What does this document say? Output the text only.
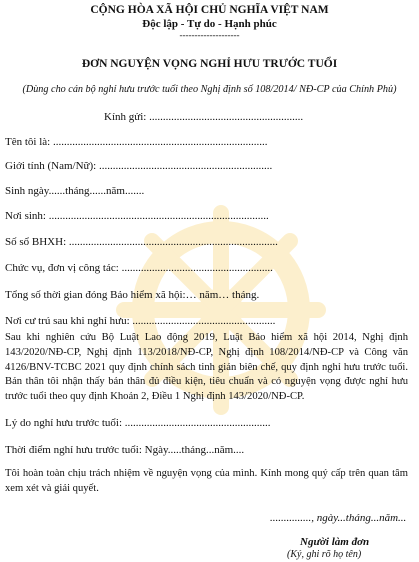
CỘNG HÒA XÃ HỘI CHỦ NGHĨA VIỆT NAM
Độc lập - Tự do - Hạnh phúc
--------------------
ĐƠN NGUYỆN VỌNG NGHỈ HƯU TRƯỚC TUỔI
(Dùng cho cán bộ nghỉ hưu trước tuổi theo Nghị định số 108/2014/ NĐ-CP của Chính Phủ)
Kính gửi: ........................................................
Tên tôi là: ..............................................................................
Giới tính (Nam/Nữ): ...............................................................
Sinh ngày......tháng......năm.......
Nơi sinh: ................................................................................
Số sổ BHXH: ............................................................................
Chức vụ, đơn vị công tác: .......................................................
Tổng số thời gian đóng Bảo hiểm xã hội:… năm… tháng.
Nơi cư trú sau khi nghỉ hưu: ....................................................
Sau khi nghiên cứu Bộ Luật Lao động 2019, Luật Bảo hiểm xã hội 2014, Nghị định 143/2020/NĐ-CP, Nghị định 113/2018/NĐ-CP, Nghị định 108/2014/NĐ-CP và Công văn 4126/BNV-TCBC 2021 quy định chính sách tinh giản biên chế, quy định nghỉ hưu trước tuổi. Bản thân tôi nhận thấy bản thân đủ điều kiện, tiêu chuẩn và có nguyện vọng được nghỉ hưu trước tuổi theo quy định Khoản 2, Điều 1 Nghị định 143/2020/NĐ-CP.
Lý do nghỉ hưu trước tuổi: .....................................................
Thời điểm nghỉ hưu trước tuổi: Ngày.....tháng...năm....
Tôi hoàn toàn chịu trách nhiệm về nguyện vọng của mình. Kính mong quý cấp trên quan tâm xem xét và giải quyết.
..............., ngày...tháng...năm...
Người làm đơn
(Ký, ghi rõ họ tên)
